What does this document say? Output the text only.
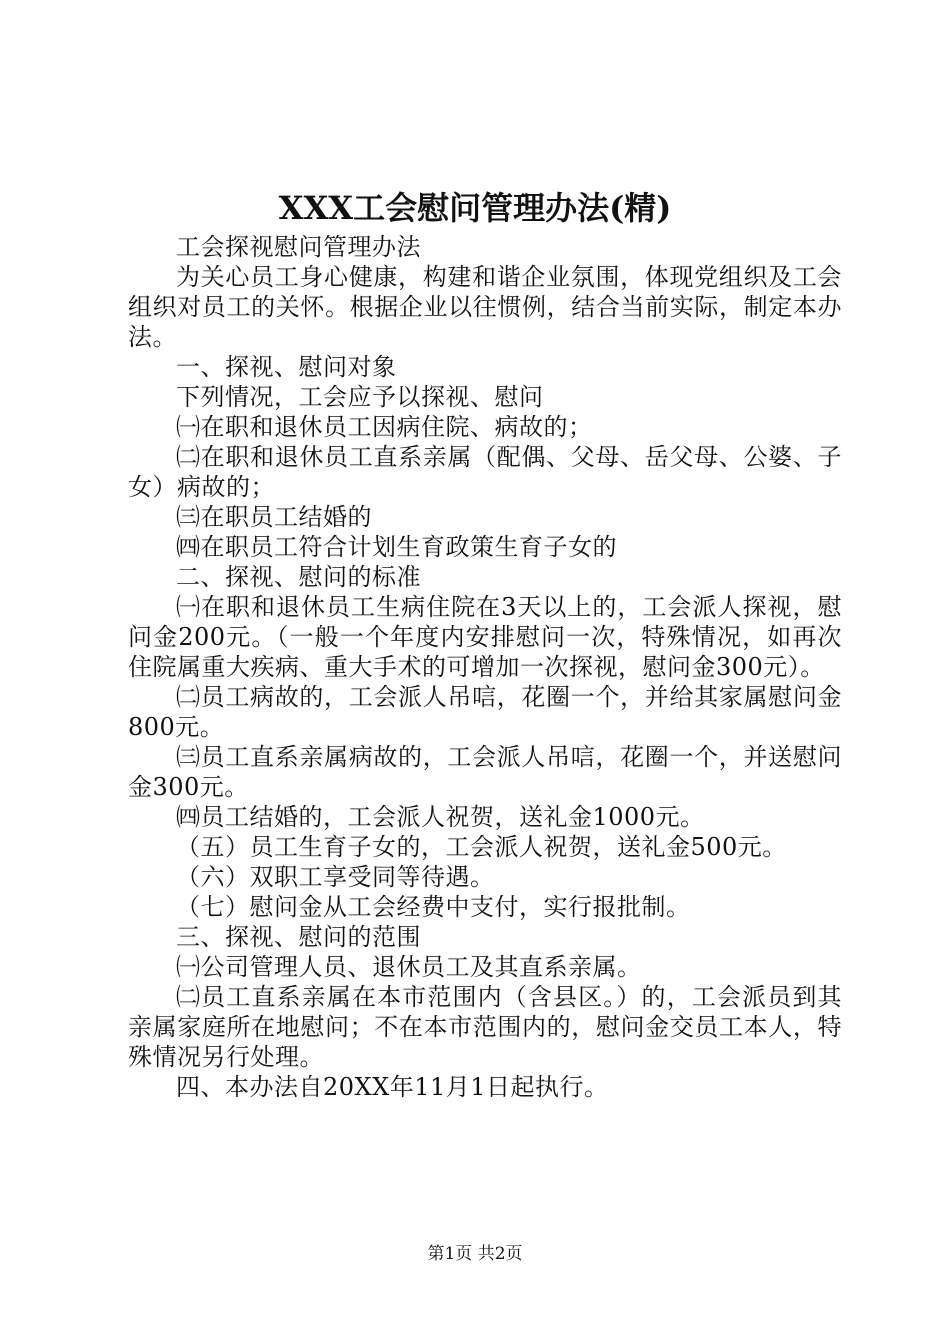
XXX工会慰问管理办法(精)

工会探视慰问管理办法

为关心员工身心健康，构建和谐企业氛围，体现党组织及工会组织对员工的关怀。根据企业以往惯例，结合当前实际，制定本办法。

一、探视、慰问对象

下列情况，工会应予以探视、慰问

㈠在职和退休员工因病住院、病故的；

㈡在职和退休员工直系亲属（配偶、父母、岳父母、公婆、子女）病故的；

㈢在职员工结婚的

㈣在职员工符合计划生育政策生育子女的

二、探视、慰问的标准

㈠在职和退休员工生病住院在3天以上的，工会派人探视，慰问金200元。（一般一个年度内安排慰问一次，特殊情况，如再次住院属重大疾病、重大手术的可增加一次探视，慰问金300元）。

㈡员工病故的，工会派人吊唁，花圈一个，并给其家属慰问金800元。

㈢员工直系亲属病故的，工会派人吊唁，花圈一个，并送慰问金300元。

㈣员工结婚的，工会派人祝贺，送礼金1000元。

（五）员工生育子女的，工会派人祝贺，送礼金500元。

（六）双职工享受同等待遇。

（七）慰问金从工会经费中支付，实行报批制。

三、探视、慰问的范围

㈠公司管理人员、退休员工及其直系亲属。

㈡员工直系亲属在本市范围内（含县区。）的，工会派员到其亲属家庭所在地慰问；不在本市范围内的，慰问金交员工本人，特殊情况另行处理。

四、本办法自20XX年11月1日起执行。

第1页 共2页
